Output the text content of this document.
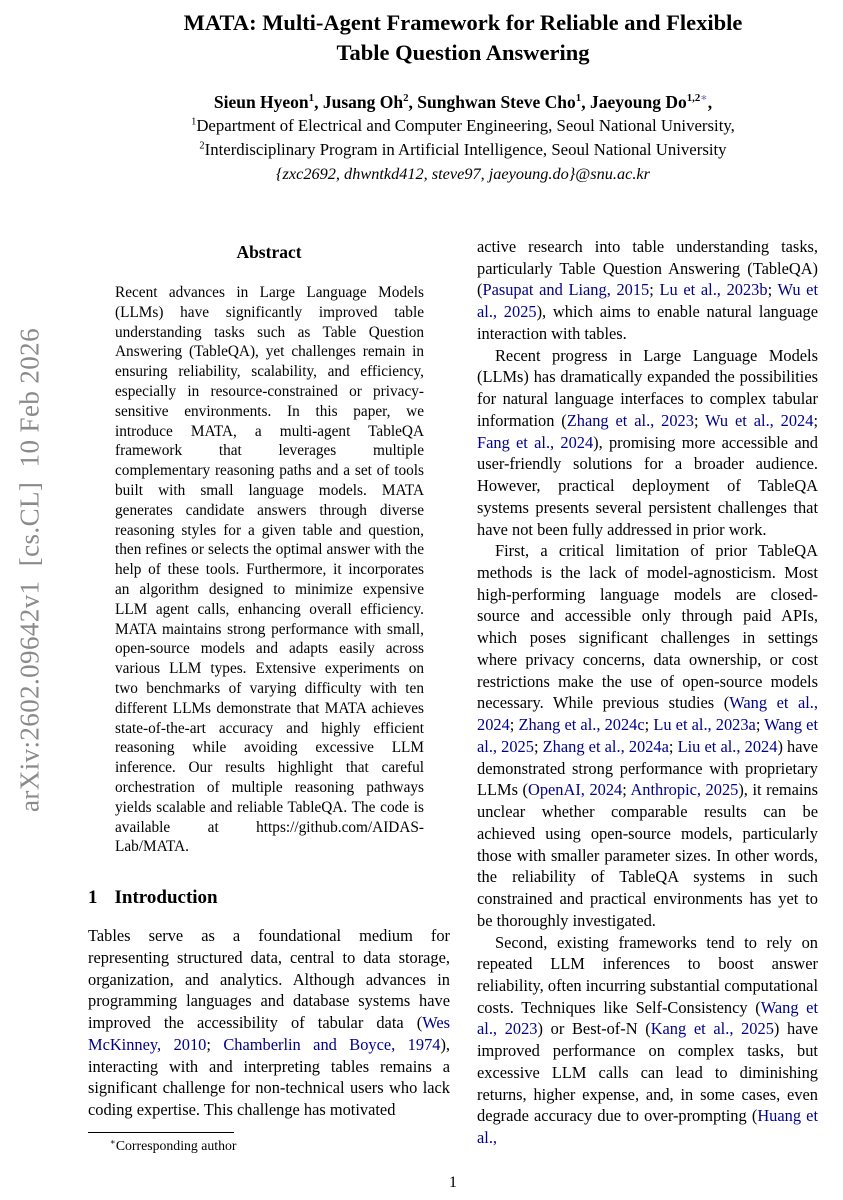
arXiv:2602.09642v1  [cs.CL]  10 Feb 2026
MATA: Multi-Agent Framework for Reliable and Flexible
Table Question Answering
Sieun Hyeon$^1$, Jusang Oh$^2$, Sunghwan Steve Cho$^1$, Jaeyoung $Do^{1,2∗}$,
$^1$Department of Electrical and Computer Engineering, Seoul National University,
$^2$Interdisciplinary Program in Artificial Intelligence, Seoul National University
{zxc2692, dhwntkd412, steve97, jaeyoung.do}@snu.ac.kr
Abstract

Recent advances in Large Language Models (LLMs) have significantly improved table understanding tasks such as Table Question Answering (TableQA), yet challenges remain in ensuring reliability, scalability, and efficiency, especially in resource-constrained or privacy-sensitive environments. In this paper, we introduce MATA, a multi-agent TableQA framework that leverages multiple complementary reasoning paths and a set of tools built with small language models. MATA generates candidate answers through diverse reasoning styles for a given table and question, then refines or selects the optimal answer with the help of these tools. Furthermore, it incorporates an algorithm designed to minimize expensive LLM agent calls, enhancing overall efficiency. MATA maintains strong performance with small, open-source models and adapts easily across various LLM types. Extensive experiments on two benchmarks of varying difficulty with ten different LLMs demonstrate that MATA achieves state-of-the-art accuracy and highly efficient reasoning while avoiding excessive LLM inference. Our results highlight that careful orchestration of multiple reasoning pathways yields scalable and reliable TableQA. The code is available at https://github.com/AIDAS-Lab/MATA.

1 Introduction

Tables serve as a foundational medium for representing structured data, central to data storage, organization, and analytics. Although advances in programming languages and database systems have improved the accessibility of tabular data (Wes McKinney, 2010; Chamberlin and Boyce, 1974), interacting with and interpreting tables remains a significant challenge for non-technical users who lack coding expertise. This challenge has motivated

active research into table understanding tasks, particularly Table Question Answering (TableQA) (Pasupat and Liang, 2015; Lu et al., 2023b; Wu et al., 2025), which aims to enable natural language interaction with tables.

Recent progress in Large Language Models (LLMs) has dramatically expanded the possibilities for natural language interfaces to complex tabular information (Zhang et al., 2023; Wu et al., 2024; Fang et al., 2024), promising more accessible and user-friendly solutions for a broader audience. However, practical deployment of TableQA systems presents several persistent challenges that have not been fully addressed in prior work.

First, a critical limitation of prior TableQA methods is the lack of model-agnosticism. Most high-performing language models are closed-source and accessible only through paid APIs, which poses significant challenges in settings where privacy concerns, data ownership, or cost restrictions make the use of open-source models necessary. While previous studies (Wang et al., 2024; Zhang et al., 2024c; Lu et al., 2023a; Wang et al., 2025; Zhang et al., 2024a; Liu et al., 2024) have demonstrated strong performance with proprietary LLMs (OpenAI, 2024; Anthropic, 2025), it remains unclear whether comparable results can be achieved using open-source models, particularly those with smaller parameter sizes. In other words, the reliability of TableQA systems in such constrained and practical environments has yet to be thoroughly investigated.

Second, existing frameworks tend to rely on repeated LLM inferences to boost answer reliability, often incurring substantial computational costs. Techniques like Self-Consistency (Wang et al., 2023) or Best-of-N (Kang et al., 2025) have improved performance on complex tasks, but excessive LLM calls can lead to diminishing returns, higher expense, and, in some cases, even degrade accuracy due to over-prompting (Huang et al.,

∗Corresponding author
1
